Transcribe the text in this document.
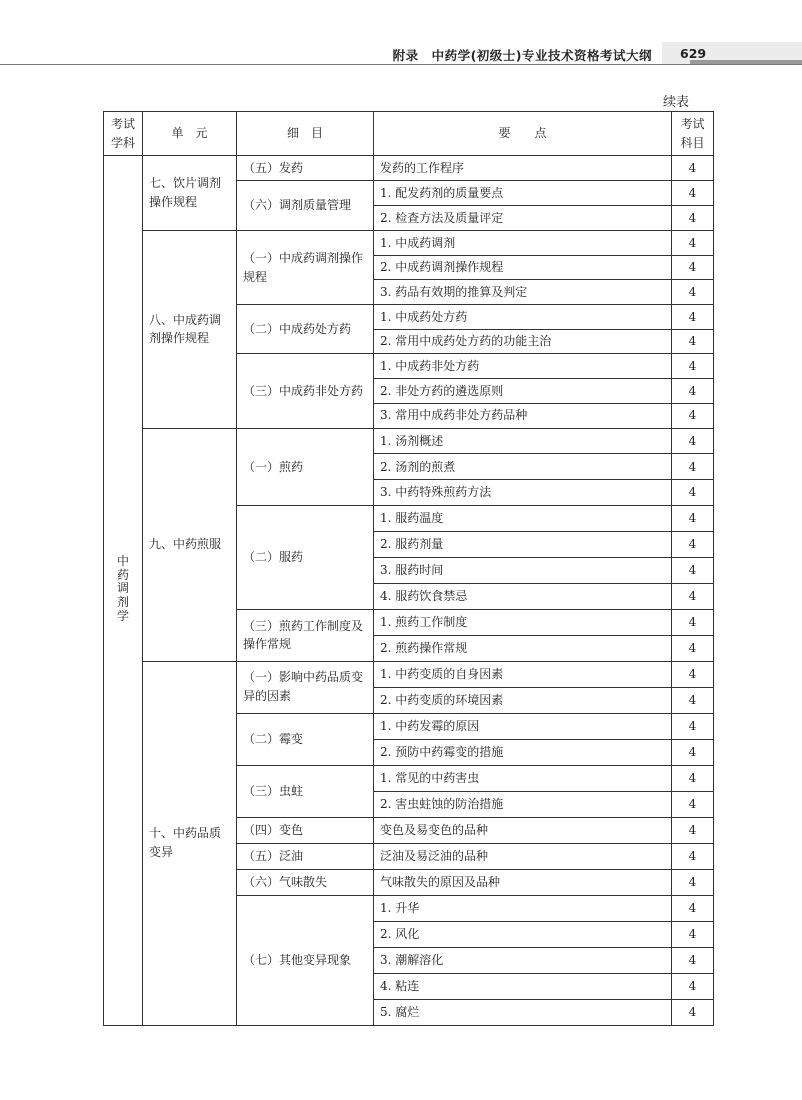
附录　中药学(初级士)专业技术资格考试大纲 629
续表
考试学科	单　元	细　目	要　　点	考试科目
中药调剂学	七、饮片调剂操作规程	（五）发药	发药的工作程序	4
		（六）调剂质量管理	1. 配发药剂的质量要点	4
			2. 检查方法及质量评定	4
	八、中成药调剂操作规程	（一）中成药调剂操作规程	1. 中成药调剂	4
			2. 中成药调剂操作规程	4
			3. 药品有效期的推算及判定	4
		（二）中成药处方药	1. 中成药处方药	4
			2. 常用中成药处方药的功能主治	4
		（三）中成药非处方药	1. 中成药非处方药	4
			2. 非处方药的遴选原则	4
			3. 常用中成药非处方药品种	4
	九、中药煎服	（一）煎药	1. 汤剂概述	4
			2. 汤剂的煎煮	4
			3. 中药特殊煎药方法	4
		（二）服药	1. 服药温度	4
			2. 服药剂量	4
			3. 服药时间	4
			4. 服药饮食禁忌	4
		（三）煎药工作制度及操作常规	1. 煎药工作制度	4
			2. 煎药操作常规	4
	十、中药品质变异	（一）影响中药品质变异的因素	1. 中药变质的自身因素	4
			2. 中药变质的环境因素	4
		（二）霉变	1. 中药发霉的原因	4
			2. 预防中药霉变的措施	4
		（三）虫蛀	1. 常见的中药害虫	4
			2. 害虫蛀蚀的防治措施	4
		（四）变色	变色及易变色的品种	4
		（五）泛油	泛油及易泛油的品种	4
		（六）气味散失	气味散失的原因及品种	4
		（七）其他变异现象	1. 升华	4
			2. 风化	4
			3. 潮解溶化	4
			4. 粘连	4
			5. 腐烂	4
